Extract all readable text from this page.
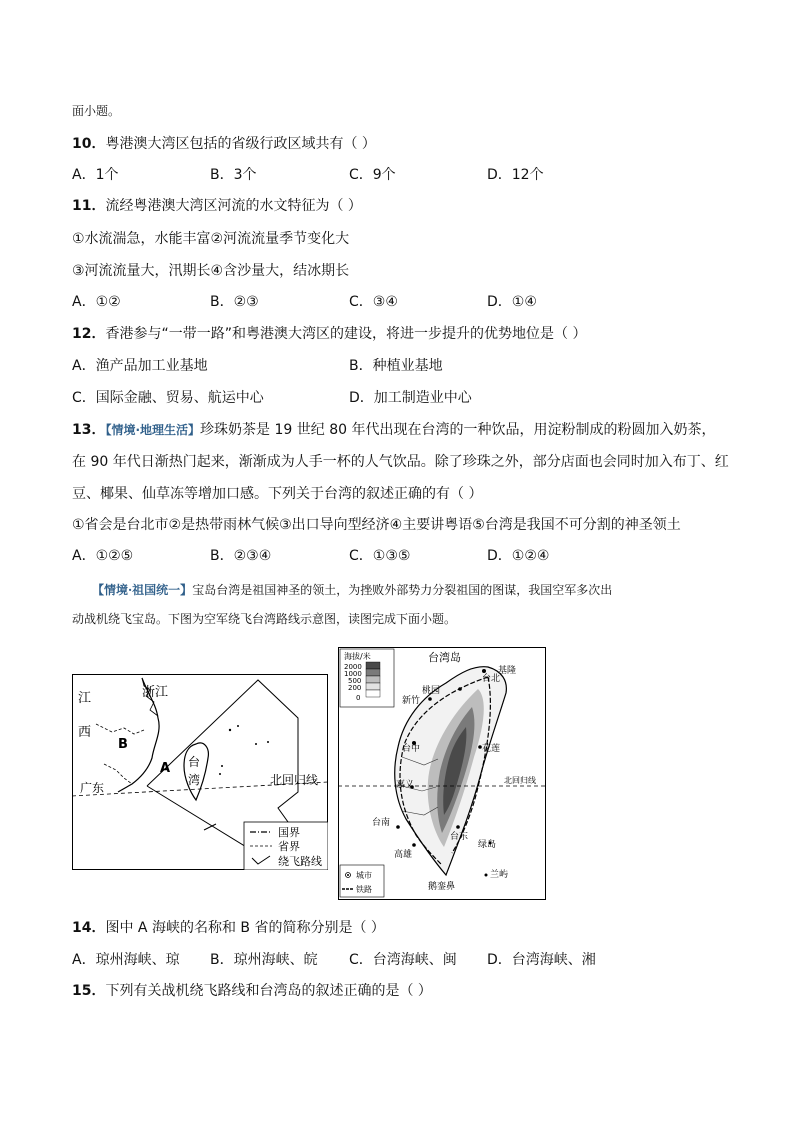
面小题。
10．粤港澳大湾区包括的省级行政区域共有（ ）
A．1个	B．3个	C．9个	D．12个
11．流经粤港澳大湾区河流的水文特征为（ ）
①水流湍急，水能丰富②河流流量季节变化大
③河流流量大，汛期长④含沙量大，结冰期长
A．①②	B．②③	C．③④	D．①④
12．香港参与“一带一路”和粤港澳大湾区的建设，将进一步提升的优势地位是（ ）
A．渔产品加工业基地	B．种植业基地
C．国际金融、贸易、航运中心	D．加工制造业中心
13．【情境·地理生活】珍珠奶茶是 19 世纪 80 年代出现在台湾的一种饮品，用淀粉制成的粉圆加入奶茶，
在 90 年代日渐热门起来，渐渐成为人手一杯的人气饮品。除了珍珠之外，部分店面也会同时加入布丁、红
豆、椰果、仙草冻等增加口感。下列关于台湾的叙述正确的有（ ）
①省会是台北市②是热带雨林气候③出口导向型经济④主要讲粤语⑤台湾是我国不可分割的神圣领土
A．①②⑤	B．②③④	C．①③⑤	D．①②④
【情境·祖国统一】宝岛台湾是祖国神圣的领土，为挫败外部势力分裂祖国的图谋，我国空军多次出
动战机绕飞宝岛。下图为空军绕飞台湾路线示意图，读图完成下面小题。
江
西
浙江
B
A 台
湾
广东
北回归线
国界
省界
绕飞路线
海拔/米
2000
1000
500
200
0
台湾岛
基隆
台北
桃园
新竹
台中	花莲
嘉义
台南
台东
高雄
绿岛
兰屿
鹅銮鼻
北回归线
城市
铁路
14．图中 A 海峡的名称和 B 省的简称分别是（ ）
A．琼州海峡、琼 B．琼州海峡、皖 C．台湾海峡、闽 D．台湾海峡、湘
15．下列有关战机绕飞路线和台湾岛的叙述正确的是（ ）
